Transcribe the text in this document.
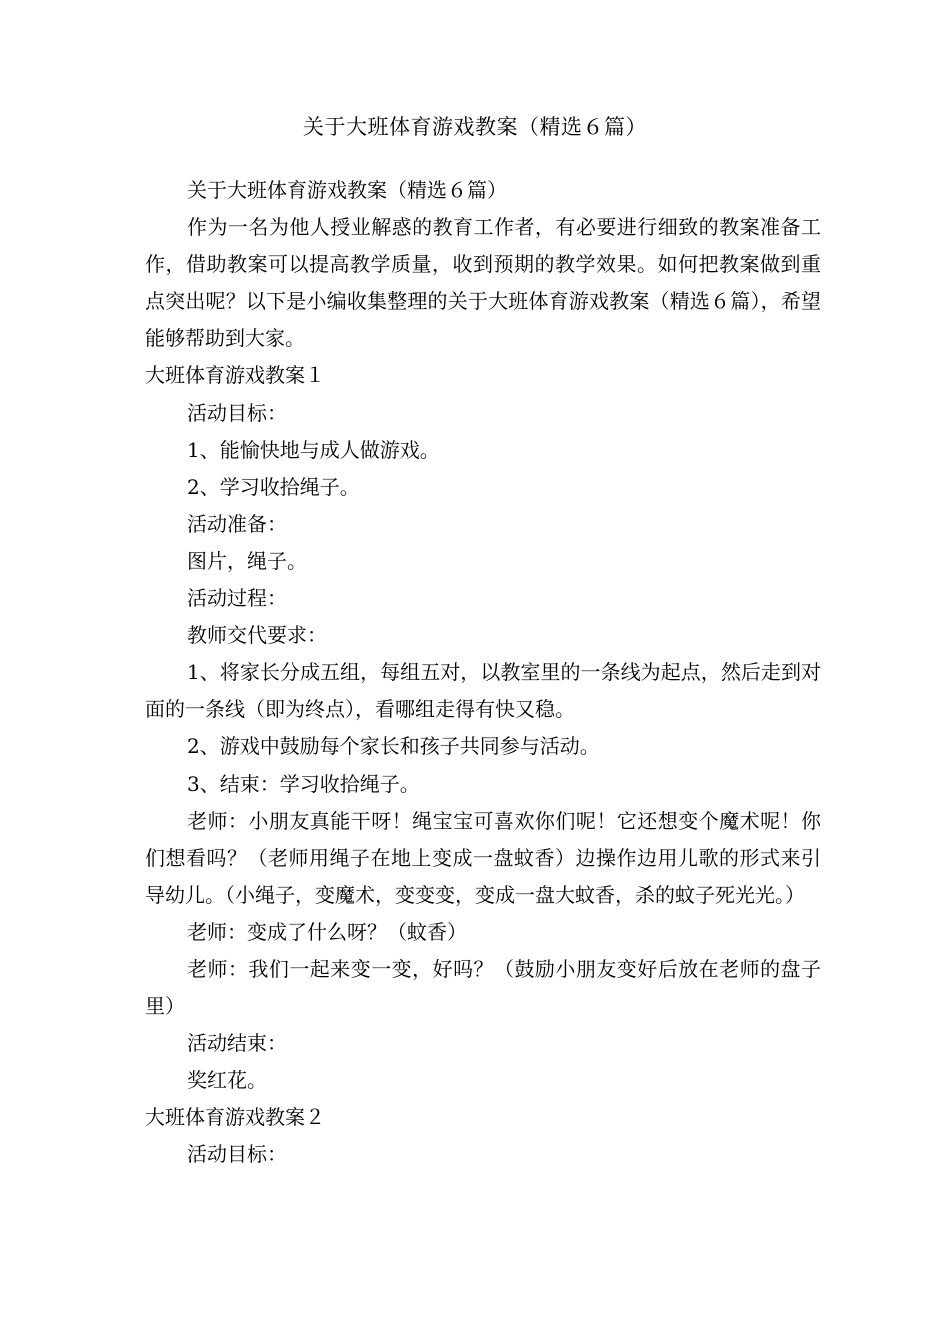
关于大班体育游戏教案（精选６篇）

关于大班体育游戏教案（精选６篇）

作为一名为他人授业解惑的教育工作者，有必要进行细致的教案准备工作，借助教案可以提高教学质量，收到预期的教学效果。如何把教案做到重点突出呢？以下是小编收集整理的关于大班体育游戏教案（精选６篇），希望能够帮助到大家。

大班体育游戏教案１

活动目标：

1、能愉快地与成人做游戏。

2、学习收拾绳子。

活动准备：

图片，绳子。

活动过程：

教师交代要求：

1、将家长分成五组，每组五对，以教室里的一条线为起点，然后走到对面的一条线（即为终点），看哪组走得有快又稳。

2、游戏中鼓励每个家长和孩子共同参与活动。

3、结束：学习收拾绳子。

老师：小朋友真能干呀！绳宝宝可喜欢你们呢！它还想变个魔术呢！你们想看吗？（老师用绳子在地上变成一盘蚊香）边操作边用儿歌的形式来引导幼儿。（小绳子，变魔术，变变变，变成一盘大蚊香，杀的蚊子死光光。）

老师：变成了什么呀？（蚊香）

老师：我们一起来变一变，好吗？（鼓励小朋友变好后放在老师的盘子里）

活动结束：

奖红花。

大班体育游戏教案２

活动目标：
